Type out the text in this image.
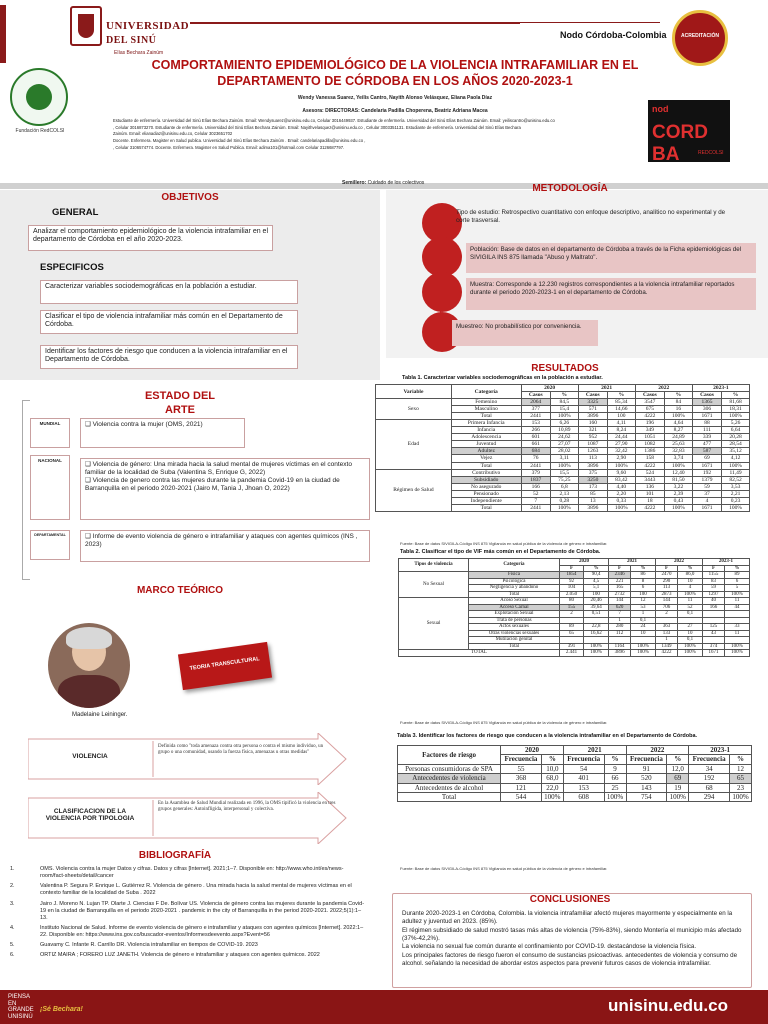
UNIVERSIDAD
DEL SINÚ
Elías Bechara Zainúm
Nodo Córdoba-Colombia	ACREDITACIÓN
Fundación RedCOLSI
COMPORTAMIENTO EPIDEMIOLÓGICO DE LA VIOLENCIA INTRAFAMILIAR EN EL DEPARTAMENTO DE CÓRDOBA EN LOS AÑOS 2020-2023-1
Wendy Vanessa Suarez, Yeilis Cantro, Nayith Alonso Velásquez, Eliana Paola Díaz
Asesora: DIRECTORAS: Candelaria Padilla Choperena, Beatriz Adriana Macea
Estudiante de enfermería. Universidad del Sinú Elías Bechara Zainúm. Email: Wendysuarez@unisinu.edu.co, Celular 3016449937. Estudiante de enfermería. Universidad del Sinú Elías Bechara Zainúm. Email: yeiliscantro@unisinu.edu.co
, Celular 3016873270. Estudiante de enfermería. Universidad del Sinú Elías Bechara Zainúm. Email: Nayithvelasquez@unisinu.edu.co , Celular 3003351131. Estudiante de enfermería. Universidad del Sinú Elías Bechara
Zainúm. Email: elianadiaz@unisinu.edu.co, Celular 3023651702
Docente. Enfermera. Magister en Salud publica. Universidad del Sinú Elías Bechara Zainúm . Email: candelariapadilla@unisinu.edu.co ,
, Celular 3106574774. Docente. Enfermera. Magister en Salud Publica. Email: adima101@hotmail.com Celular 3126687797.
nod
CORD BA	REDCOLSI
Semillero: Cuidado de los colectivos
OBJETIVOS
GENERAL
Analizar el comportamiento epidemiológico de la violencia intrafamiliar en el departamento de Córdoba en el año 2020-2023.
ESPECIFICOS
Caracterizar variables sociodemográficas en la población a estudiar.
Clasificar el tipo de violencia intrafamiliar más común en el Departamento de Córdoba.
Identificar los factores de riesgo que conducen a la violencia intrafamiliar en el Departamento de Córdoba.
ESTADO DEL ARTE
MUNDIAL	❑ Violencia contra la mujer (OMS, 2021)
NACIONAL
❑ Violencia de género: Una mirada hacia la salud mental de mujeres víctimas en el contexto familiar de la localidad de Suba (Valentina S, Enrique G, 2022)
❑ Violencia de genero contra las mujeres durante la pandemia Covid-19 en la ciudad de Barranquilla en el periodo 2020-2021 (Jairo M, Tania J, Jhoan O, 2022)
DEPARTAMENTAL	❑ Informe de evento violencia de género e intrafamiliar y ataques con agentes químicos (INS , 2023)
MARCO TEÓRICO
Madelaine Leininger.
TEORIA TRANSCULTURAL
VIOLENCIA
Definida como "toda amenaza contra otra persona o contra el mismo individuo, un grupo o una comunidad, usando la fuerza física, amenazas u otras medidas"
CLASIFICACION DE LA VIOLENCIA POR TIPOLOGIA
En la Asamblea de Salud Mundial realizada en 1996, la OMS tipificó la violencia en tres grupos generales: Autoinfligida, interpersonal y colectiva.
BIBLIOGRAFÍA
1.	OMS. Violencia contra la mujer Datos y cifras. Datos y cifras [Internet]. 2021;1–7. Disponible en: http://www.who.int/es/news-room/fact-sheets/detail/cancer
2.	Valentina P. Segura P. Enrique L. Gutiérrez R. Violencia de género . Una mirada hacia la salud mental de mujeres víctimas en el contexto familiar de la localidad de Suba . 2022
3.	Jairo J. Moreno N. Lujan TP. Olarte J. Ciencias F De. Bolívar US. Violencia de género contra las mujeres durante la pandemia Covid-19 en la ciudad de Barranquilla en el periodo 2020-2021 . pandemic in the city of Barranquilla in the period 2020-2021. 2022;5(1):1–13.
4.	Instituto Nacional de Salud. Informe de evento violencia de género e intrafamiliar y ataques con agentes químicos [Internet]. 2022:1–22. Disponible en: https://www.ins.gov.co/buscador-eventos/Informesdeevento.aspx?Event=56
5.	Guavamy C. Infante R. Carrillo DR. Violencia intrafamiliar en tiempos de COVID-19. 2023
6.	ORTIZ MAIRA ; FORERO LUZ JANETH. Violencia de género e intrafamiliar y ataques con agentes químicos. 2022
METODOLOGÍA
Tipo de estudio: Retrospectivo cuantitativo con enfoque descriptivo, analítico no experimental y de corte trasversal.
Población: Base de datos en el departamento de Córdoba a través de la Ficha epidemiológicas del SIVIGILA INS 875 llamada "Abuso y Maltrato".
Muestra: Corresponde a 12.230 registros correspondientes a la violencia intrafamiliar reportados durante el periodo 2020-2023-1 en el departamento de Córdoba.
Muestreo: No probabilístico por conveniencia.
RESULTADOS
Tabla 1. Caracterizar variables sociodemográficas en la población a estudiar.
Variable	Categoría	2020		2021		2022		2023-1	
		Casos	%	Casos	%	Casos	%	Casos	%
Sexo	Femenino	2064	84,5	3325	85,34	3547	84	1365	81,68
	Masculino	377	15,4	571	14,66	675	16	306	18,31
	Total	2441	100%	3896	100	4222	100%	1671	100%
Edad	Primera Infancia	153	6,26	160	4,11	196	4,64	88	5,26
	Infancia	266	10,89	321	8,24	349	8,27	111	6,64
	Adolescencia	601	24,62	952	24,44	1051	24,89	339	20,28
	Juventud	661	27,07	1087	27,90	1082	25,63	477	28,54
	Adultez	684	28,02	1263	32,42	1386	32,83	587	35,12
	Vejez	76	3,11	113	2,90	158	3,74	69	4,12
	Total	2441	100%	3896	100%	4222	100%	1671	100%
Régimen de Salud	Contributivo	379	15,5	375	9,60	524	12,40	192	11,49
	Subsidiado	1837	75,25	3250	83,42	3443	81,50	1379	82,52
	No asegurado	166	6,8	173	4,40	136	3,22	59	3,53
	Pensionado	52	2,13	85	2,20	101	2,39	37	2,21
	Independiente	7	0,28	13	0,33	18	0,43	4	0,23
	Total	2441	100%	3896	100%	4222	100%	1671	100%
Fuente: Base de datos SIVIGILA-Código INS 875 Vigilancia en salud pública de la violencia de género e intrafamiliar.
Tabla 2. Clasificar el tipo de VIF más común en el Departamento de Córdoba.
Tipos de violencia	Categoría	2020		2021		2022		2023-1	
		F	%	F	%	F	%	F	%
No Sexual	Física	1854	90,4	2346	86	2470	86,0	1155	89
	Psicológica	92	4,5	221	8	290	10	83	6
	Negligencia y abandono	104	5,1	165	6	113	4	59	5
	Total	2.050	100	2732	100	2873	100%	1297	100%
Sexual	Acoso Sexual	80	20,46	144	12	144	11	40	11
	Acceso Carnal	155	39,64	620	53	706	52	166	44
	Explotación Sexual	2	0,51	7	1	2	0,1		
	Trata de personas			1	0,1				
	Actos sexuales	89	22,8	280	24	363	27	125	33
	Otras violencias sexuales	65	16,62	112	10	133	10	43	11
	Mutilación genital					1	0,1		
	Total	391	100%	1164	100%	1349	100%	374	100%
TOTAL		2.441	100%	3896	100%	4222	100%	1671	100%
Fuente: Base de datos SIVIGILA-Código INS 875 Vigilancia en salud pública de la violencia de género e intrafamiliar.
Tabla 3. Identificar los factores de riesgo que conducen a la violencia intrafamiliar en el Departamento de Córdoba.
Factores de riesgo	2020		2021		2022		2023-1	
	Frecuencia	%	Frecuencia	%	Frecuencia	%	Frecuencia	%
Personas consumidoras de SPA	55	10,0	54	9	91	12,0	34	12
Antecedentes de violencia	368	68,0	401	66	520	69	192	65
Antecedentes de alcohol	121	22,0	153	25	143	19	68	23
Total	544	100%	608	100%	754	100%	294	100%
Fuente: Base de datos SIVIGILA-Código INS 875 Vigilancia en salud pública de la violencia de género e intrafamiliar.
CONCLUSIONES
Durante 2020-2023-1 en Córdoba, Colombia. la violencia intrafamiliar afectó mujeres mayormente y especialmente en la adultez y juventud en 2023. (85%).
El régimen subsidiado de salud mostró tasas más altas de violencia (75%-83%), siendo Montería el municipio más afectado (37%-42,2%).
La violencia no sexual fue común durante el confinamiento por COVID-19. destacándose la violencia física.
Los principales factores de riesgo fueron el consumo de sustancias psicoactivas. antecedentes de violencia y consumo de alcohol. señalando la necesidad de abordar estos aspectos para prevenir futuros casos de violencia intrafamiliar.
PIENSA
EN
GRANDE
UNISINÚ
¡Sé Bechara!	unisinu.edu.co
